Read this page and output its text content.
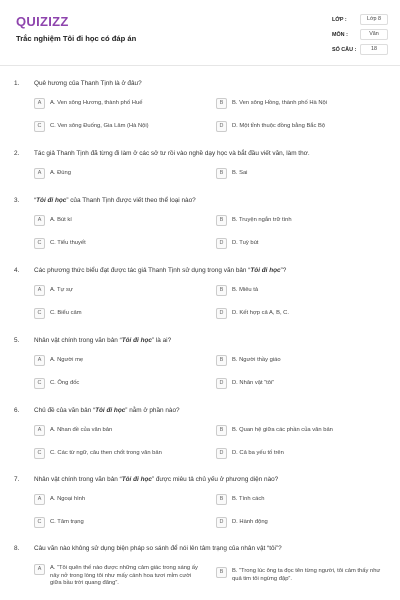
QUIZIZZ
Trắc nghiệm Tôi đi học có đáp án
LỚP :	Lớp 8
MÔN :	Văn
SỐ CÂU :	18
1. Quê hương của Thanh Tịnh là ở đâu?
A	A. Ven sông Hương, thành phố Huế	B	B. Ven sông Hồng, thành phố Hà Nội
C	C. Ven sông Đuống, Gia Lâm (Hà Nội)	D	D. Một tỉnh thuộc đồng bằng Bắc Bộ
2. Tác giả Thanh Tịnh đã từng đi làm ở các sở tư rồi vào nghề dạy học và bắt đầu viết văn, làm thơ.
A	A. Đúng	B	B. Sai
3. “Tôi đi học” của Thanh Tịnh được viết theo thể loại nào?
A	A. Bút kí	B	B. Truyện ngắn trữ tình
C	C. Tiểu thuyết	D	D. Tuỳ bút
4. Các phương thức biểu đạt được tác giả Thanh Tịnh sử dụng trong văn bản “Tôi đi học”?
A	A. Tự sự	B	B. Miêu tả
C	C. Biểu cảm	D	D. Kết hợp cả A, B, C.
5. Nhân vật chính trong văn bản “Tôi đi học” là ai?
A	A. Người mẹ	B	B. Người thầy giáo
C	C. Ông đốc	D	D. Nhân vật “tôi”
6. Chủ đề của văn bản “Tôi đi học” nằm ở phần nào?
A	A. Nhan đề của văn bản	B	B. Quan hệ giữa các phần của văn bản
C	C. Các từ ngữ, câu then chốt trong văn bản	D	D. Cả ba yếu tố trên
7. Nhân vật chính trong văn bản “Tôi đi học” được miêu tả chủ yếu ở phương diện nào?
A	A. Ngoại hình	B	B. Tính cách
C	C. Tâm trạng	D	D. Hành động
8. Câu văn nào không sử dụng biện pháp so sánh để nói lên tâm trạng của nhân vật “tôi”?
A	A. “Tôi quên thế nào được những cảm giác trong sáng ấy nảy nở trong lòng tôi như mấy cánh hoa tươi mỉm cười giữa bầu trời quang đãng”.
B	B. “Trong lúc ông ta đọc tên từng người, tôi cảm thấy như quả tim tôi ngừng đập”.
